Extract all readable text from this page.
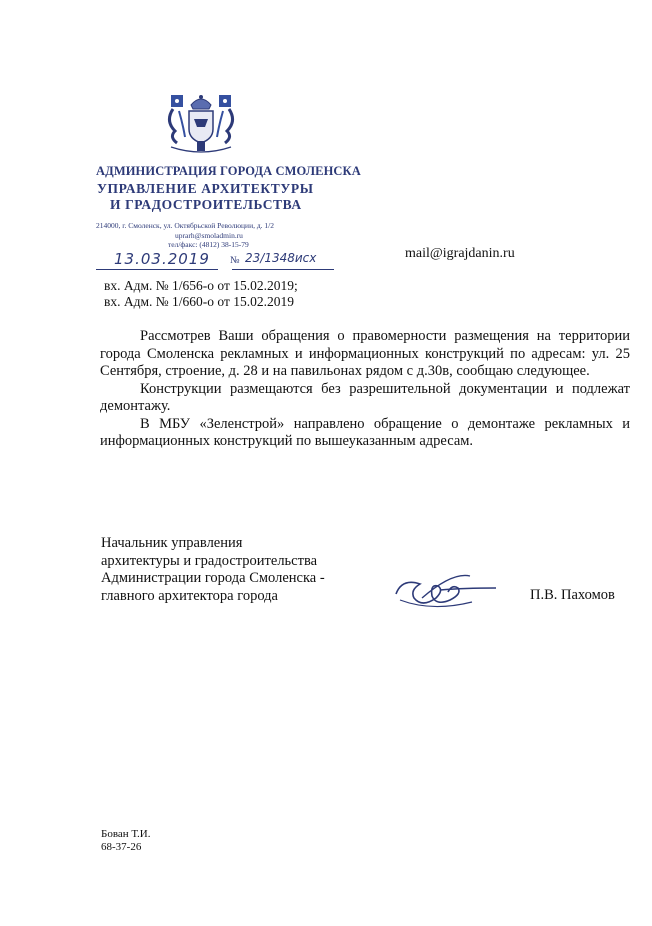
АДМИНИСТРАЦИЯ ГОРОДА СМОЛЕНСКА
УПРАВЛЕНИЕ АРХИТЕКТУРЫ
И ГРАДОСТРОИТЕЛЬСТВА
214000, г. Смоленск, ул. Октябрьской Революции, д. 1/2
uprarh@smoladmin.ru
тел/факс: (4812) 38-15-79
13.03.2019 № 23/1348исх	mail@igrajdanin.ru
вх. Адм. № 1/656-о от 15.02.2019;
вх. Адм. № 1/660-о от 15.02.2019

Рассмотрев Ваши обращения о правомерности размещения на территории города Смоленска рекламных и информационных конструкций по адресам: ул. 25 Сентября, строение, д. 28 и на павильонах рядом с д.30в, сообщаю следующее.

Конструкции размещаются без разрешительной документации и подлежат демонтажу.

В МБУ «Зеленстрой» направлено обращение о демонтаже рекламных и информационных конструкций по вышеуказанным адресам.

Начальник управления
архитектуры и градостроительства
Администрации города Смоленска -
главного архитектора города	П.В. Пахомов
Бован Т.И.
68-37-26
